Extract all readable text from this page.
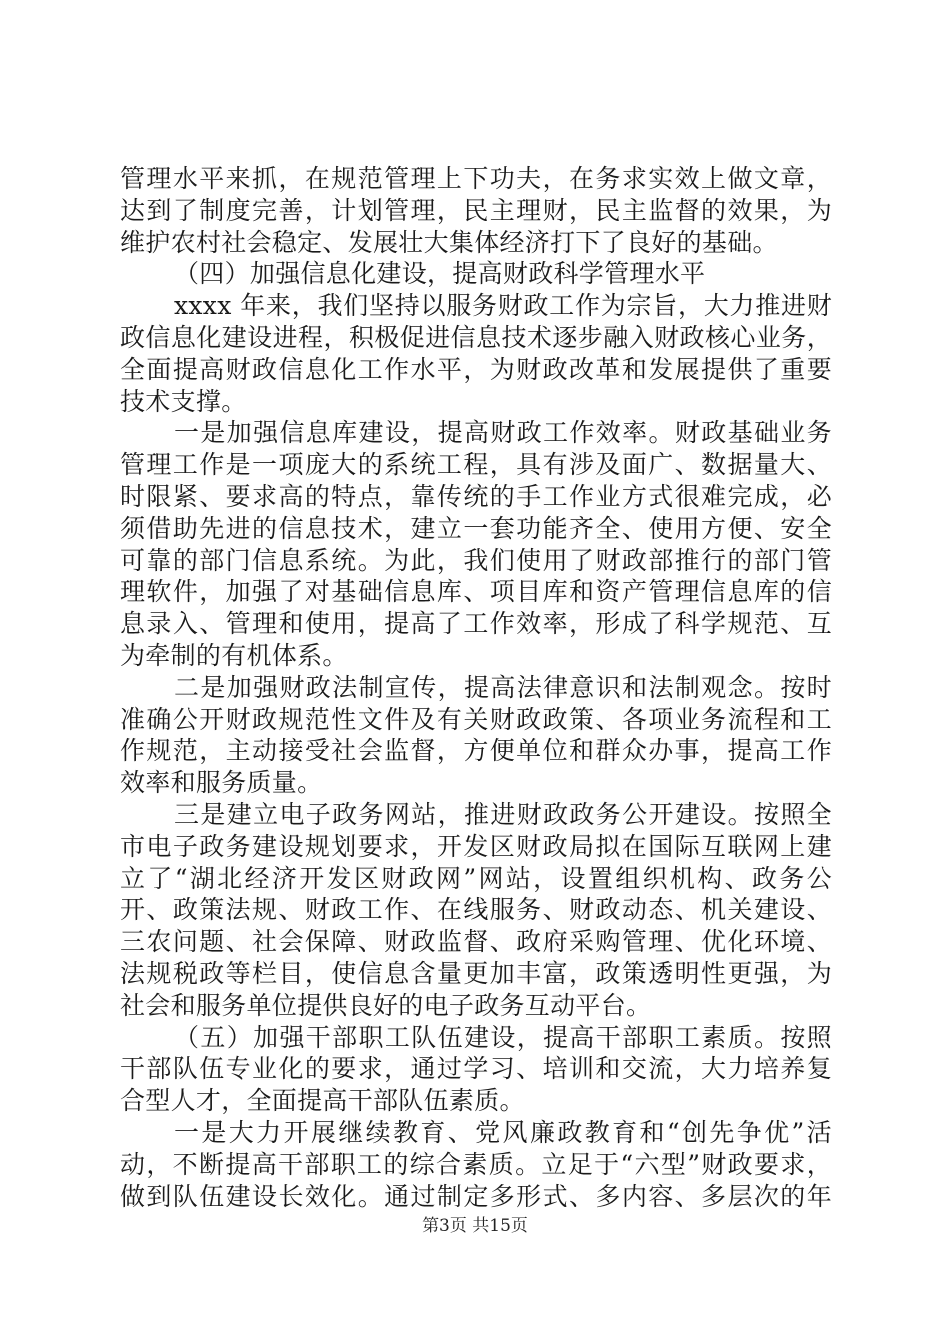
管理水平来抓，在规范管理上下功夫，在务求实效上做文章，
达到了制度完善，计划管理，民主理财，民主监督的效果，为
维护农村社会稳定、发展壮大集体经济打下了良好的基础。
（四）加强信息化建设，提高财政科学管理水平
xxxx 年来，我们坚持以服务财政工作为宗旨，大力推进财
政信息化建设进程，积极促进信息技术逐步融入财政核心业务，
全面提高财政信息化工作水平，为财政改革和发展提供了重要
技术支撑。
一是加强信息库建设，提高财政工作效率。财政基础业务
管理工作是一项庞大的系统工程，具有涉及面广、数据量大、
时限紧、要求高的特点，靠传统的手工作业方式很难完成，必
须借助先进的信息技术，建立一套功能齐全、使用方便、安全
可靠的部门信息系统。为此，我们使用了财政部推行的部门管
理软件，加强了对基础信息库、项目库和资产管理信息库的信
息录入、管理和使用，提高了工作效率，形成了科学规范、互
为牵制的有机体系。
二是加强财政法制宣传，提高法律意识和法制观念。按时
准确公开财政规范性文件及有关财政政策、各项业务流程和工
作规范，主动接受社会监督，方便单位和群众办事，提高工作
效率和服务质量。
三是建立电子政务网站，推进财政政务公开建设。按照全
市电子政务建设规划要求，开发区财政局拟在国际互联网上建
立了“湖北经济开发区财政网”网站，设置组织机构、政务公
开、政策法规、财政工作、在线服务、财政动态、机关建设、
三农问题、社会保障、财政监督、政府采购管理、优化环境、
法规税政等栏目，使信息含量更加丰富，政策透明性更强，为
社会和服务单位提供良好的电子政务互动平台。
（五）加强干部职工队伍建设，提高干部职工素质。按照
干部队伍专业化的要求，通过学习、培训和交流，大力培养复
合型人才，全面提高干部队伍素质。
一是大力开展继续教育、党风廉政教育和“创先争优”活
动，不断提高干部职工的综合素质。立足于“六型”财政要求，
做到队伍建设长效化。通过制定多形式、多内容、多层次的年
第3页 共15页
